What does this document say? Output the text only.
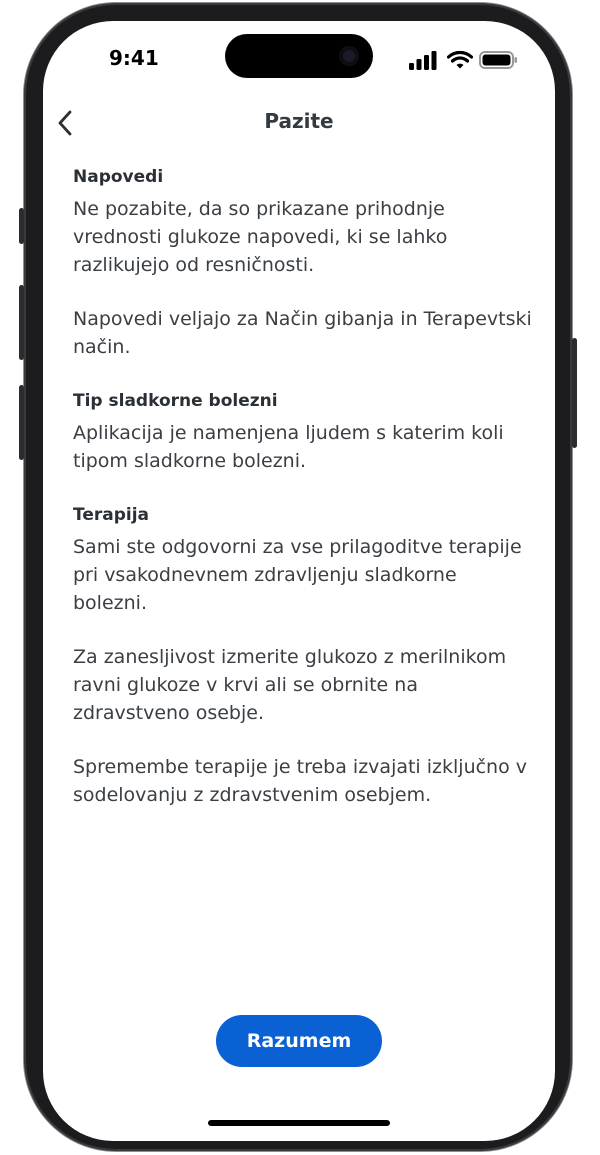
9:41
Pazite
Napovedi

Ne pozabite, da so prikazane prihodnje vrednosti glukoze napovedi, ki se lahko razlikujejo od resničnosti.

Napovedi veljajo za Način gibanja in Terapevtski način.

Tip sladkorne bolezni

Aplikacija je namenjena ljudem s katerim koli tipom sladkorne bolezni.

Terapija

Sami ste odgovorni za vse prilagoditve terapije pri vsakodnevnem zdravljenju sladkorne bolezni.

Za zanesljivost izmerite glukozo z merilnikom ravni glukoze v krvi ali se obrnite na zdravstveno osebje.

Spremembe terapije je treba izvajati izključno v sodelovanju z zdravstvenim osebjem.

Razumem
